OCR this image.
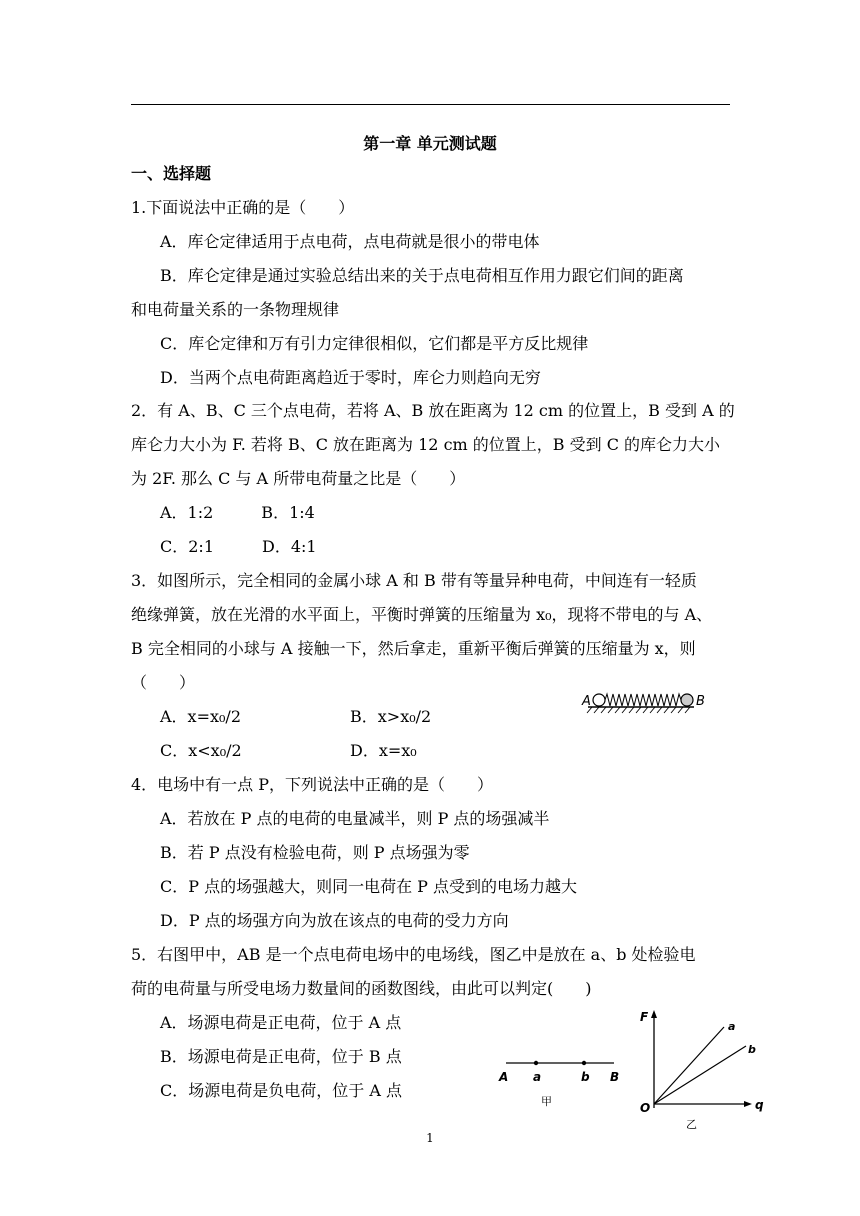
第一章 单元测试题
一、选择题
1.下面说法中正确的是（　　）
A．库仑定律适用于点电荷，点电荷就是很小的带电体
B．库仑定律是通过实验总结出来的关于点电荷相互作用力跟它们间的距离
和电荷量关系的一条物理规律
C．库仑定律和万有引力定律很相似，它们都是平方反比规律
D．当两个点电荷距离趋近于零时，库仑力则趋向无穷
2．有 A、B、C 三个点电荷，若将 A、B 放在距离为 12 cm 的位置上，B 受到 A 的
库仑力大小为 F. 若将 B、C 放在距离为 12 cm 的位置上，B 受到 C 的库仑力大小
为 2F. 那么 C 与 A 所带电荷量之比是（　　）
A．1:2　　　B．1:4
C．2:1　　　D．4:1
3．如图所示，完全相同的金属小球 A 和 B 带有等量异种电荷，中间连有一轻质
绝缘弹簧，放在光滑的水平面上，平衡时弹簧的压缩量为 x₀，现将不带电的与 A、
B 完全相同的小球与 A 接触一下，然后拿走，重新平衡后弹簧的压缩量为 x，则
（　　）
A．x=x₀/2	B．x>x₀/2
C．x<x₀/2	D．x=x₀
A	B
4．电场中有一点 P，下列说法中正确的是（　　）
A．若放在 P 点的电荷的电量减半，则 P 点的场强减半
B．若 P 点没有检验电荷，则 P 点场强为零
C．P 点的场强越大，则同一电荷在 P 点受到的电场力越大
D．P 点的场强方向为放在该点的电荷的受力方向
5．右图甲中，AB 是一个点电荷电场中的电场线，图乙中是放在 a、b 处检验电
荷的电荷量与所受电场力数量间的函数图线，由此可以判定(　　)
A．场源电荷是正电荷，位于 A 点
B．场源电荷是正电荷，位于 B 点
C．场源电荷是负电荷，位于 A 点
A a	b B
甲
F
q
O
a
b
乙
1
